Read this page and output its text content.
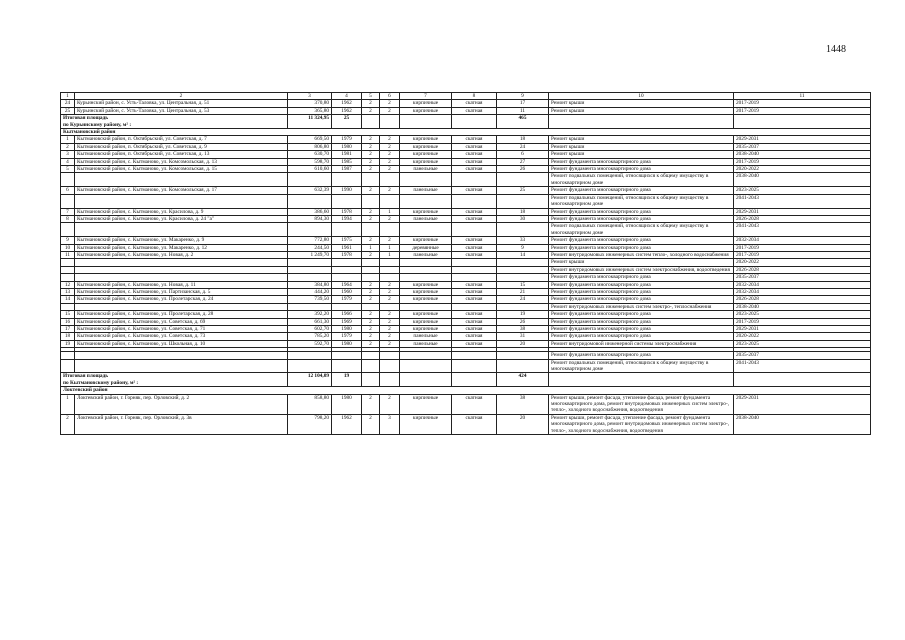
1448
1	2	3	4	5	6	7	8	9	10	11
24	Курьинский район, с. Усть-Таловка, ул. Центральная, д. 51	370,80	1962	2	2	кирпичные	скатная	17	Ремонт крыши	2017-2019
25	Курьинский район, с. Усть-Таловка, ул. Центральная, д. 53	365,80	1962	2	2	кирпичные	скатная	11	Ремонт крыши	2017-2019
Итоговая площадь
по Курьинскому району, м² :		11 324,95	25					465		
Кытмановский район										
1	Кытмановский район, п. Октябрьский, ул. Советская, д. 7	669,50	1979	2	2	кирпичные	скатная	18	Ремонт крыши	2029-2031
2	Кытмановский район, п. Октябрьский, ул. Советская, д. 9	806,80	1980	2	2	кирпичные	скатная	24	Ремонт крыши	2035-2037
3	Кытмановский район, п. Октябрьский, ул. Советская, д. 13	630,70	1981	2	2	кирпичные	скатная	6	Ремонт крыши	2038-2040
4	Кытмановский район, с. Кытманово, ул. Комсомольская, д. 13	598,70	1985	2	2	кирпичные	скатная	27	Ремонт фундамента многоквартирного дома	2017-2019
5	Кытмановский район, с. Кытманово, ул. Комсомольская, д. 15	610,60	1987	2	2	панельные	скатная	26	Ремонт фундамента многоквартирного дома	2020-2022
									Ремонт подвальных помещений, относящихся к общему имуществу в многоквартирном доме	2038-2040
6	Кытмановский район, с. Кытманово, ул. Комсомольская, д. 17	632,39	1990	2	2	панельные	скатная	25	Ремонт фундамента многоквартирного дома	2023-2025
									Ремонт подвальных помещений, относящихся к общему имуществу в многоквартирном доме	2041-2043
7	Кытмановский район, с. Кытманово, ул. Красилова, д. 9	386,60	1978	2	1	кирпичные	скатная	18	Ремонт фундамента многоквартирного дома	2029-2031
8	Кытмановский район, с. Кытманово, ул. Красилова, д. 24 "а"	894,30	1994	2	2	панельные	скатная	30	Ремонт фундамента многоквартирного дома	2026-2028
									Ремонт подвальных помещений, относящихся к общему имуществу в многоквартирном доме	2041-2043
9	Кытмановский район, с. Кытманово, ул. Макаренко, д. 9	772,80	1975	2	2	кирпичные	скатная	33	Ремонт фундамента многоквартирного дома	2032-2034
10	Кытмановский район, с. Кытманово, ул. Макаренко, д. 12	244,50	1961	1	1	деревянные	скатная	9	Ремонт фундамента многоквартирного дома	2017-2019
11	Кытмановский район, с. Кытманово, ул. Новая, д. 2	1 249,70	1978	2	1	панельные	скатная	14	Ремонт внутридомовых инженерных систем тепло-, холодного водоснабжения	2017-2019
									Ремонт крыши	2020-2022
									Ремонт внутридомовых инженерных систем электроснабжения, водоотведения	2026-2028
									Ремонт фундамента многоквартирного дома	2035-2037
12	Кытмановский район, с. Кытманово, ул. Новая, д. 11	384,80	1964	2	2	кирпичные	скатная	15	Ремонт фундамента многоквартирного дома	2032-2034
13	Кытмановский район, с. Кытманово, ул. Партизанская, д. 5	444,20	1960	2	2	кирпичные	скатная	21	Ремонт фундамента многоквартирного дома	2032-2034
14	Кытмановский район, с. Кытманово, ул. Пролетарская, д. 24	739,50	1979	2	2	кирпичные	скатная	24	Ремонт фундамента многоквартирного дома	2026-2028
									Ремонт внутридомовых инженерных систем электро-, теплоснабжения	2038-2040
15	Кытмановский район, с. Кытманово, ул. Пролетарская, д. 28	392,20	1966	2	2	кирпичные	скатная	19	Ремонт фундамента многоквартирного дома	2023-2025
16	Кытмановский район, с. Кытманово, ул. Советская, д. 69	661,30	1969	2	2	кирпичные	скатная	26	Ремонт фундамента многоквартирного дома	2017-2019
17	Кытмановский район, с. Кытманово, ул. Советская, д. 71	602,70	1980	2	2	кирпичные	скатная	38	Ремонт фундамента многоквартирного дома	2029-2031
18	Кытмановский район, с. Кытманово, ул. Советская, д. 73	785,20	1979	2	2	панельные	скатная	31	Ремонт фундамента многоквартирного дома	2020-2022
19	Кытмановский район, с. Кытманово, ул. Школьная, д. 10	592,70	1980	2	2	панельные	скатная	20	Ремонт внутридомовой инженерной системы электроснабжения	2023-2025

									Ремонт фундамента многоквартирного дома	2035-2037
									Ремонт подвальных помещений, относящихся к общему имуществу в многоквартирном доме	2041-2043
Итоговая площадь
по Кытмановскому району, м² :		12 104,09	19					424		
Локтевский район										
1	Локтевский район, г. Горняк, пер. Орловский, д. 2	858,80	1980	2	2	кирпичные	скатная	38	Ремонт крыши, ремонт фасада, утепление фасада, ремонт фундамента многоквартирного дома, ремонт внутридомовых инженерных систем электро-, тепло-, холодного водоснабжения, водоотведения	2029-2031
2	Локтевский район, г. Горняк, пер. Орловский, д. 3в	798,20	1962	2	3	кирпичные	скатная	20	Ремонт крыши, ремонт фасада, утепление фасада, ремонт фундамента многоквартирного дома, ремонт внутридомовых инженерных систем электро-, тепло-, холодного водоснабжения, водоотведения	2038-2040
